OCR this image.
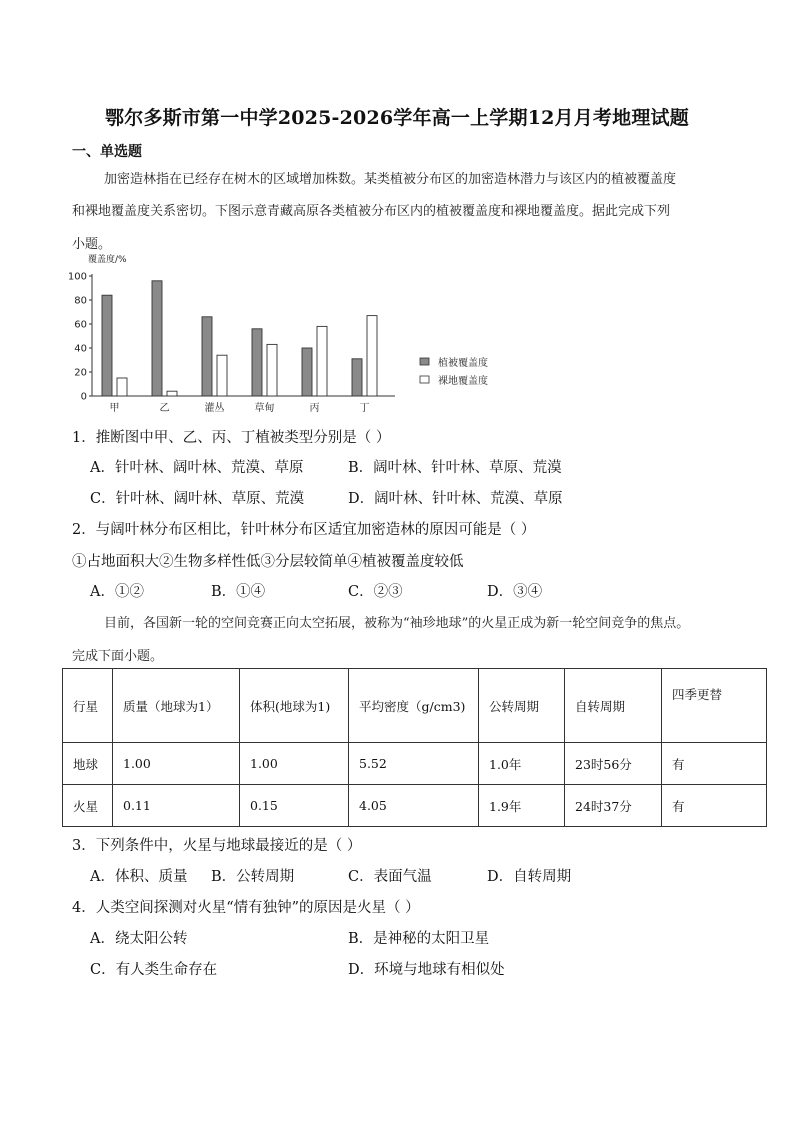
鄂尔多斯市第一中学2025-2026学年高一上学期12月月考地理试题
一、单选题
加密造林指在已经存在树木的区域增加株数。某类植被分布区的加密造林潜力与该区内的植被覆盖度
和裸地覆盖度关系密切。下图示意青藏高原各类植被分布区内的植被覆盖度和裸地覆盖度。据此完成下列
小题。
覆盖度/%
0
20
40
60
80
100
甲	乙	灌丛	草甸	丙	丁
植被覆盖度
裸地覆盖度
1．推断图中甲、乙、丙、丁植被类型分别是（ ）
A．针叶林、阔叶林、荒漠、草原	B．阔叶林、针叶林、草原、荒漠
C．针叶林、阔叶林、草原、荒漠	D．阔叶林、针叶林、荒漠、草原
2．与阔叶林分布区相比，针叶林分布区适宜加密造林的原因可能是（ ）
①占地面积大②生物多样性低③分层较简单④植被覆盖度较低
A．①②	B．①④	C．②③	D．③④
目前，各国新一轮的空间竞赛正向太空拓展，被称为“袖珍地球”的火星正成为新一轮空间竞争的焦点。
完成下面小题。
行星	质量（地球为1）	体积(地球为1)	平均密度（g/cm3)	公转周期	自转周期	四季更替
地球	1.00	1.00	5.52	1.0年	23时56分	有
火星	0.11	0.15	4.05	1.9年	24时37分	有
3．下列条件中，火星与地球最接近的是（ ）
A．体积、质量 B．公转周期	C．表面气温	D．自转周期
4．人类空间探测对火星“情有独钟”的原因是火星（ ）
A．绕太阳公转	B．是神秘的太阳卫星
C．有人类生命存在	D．环境与地球有相似处
